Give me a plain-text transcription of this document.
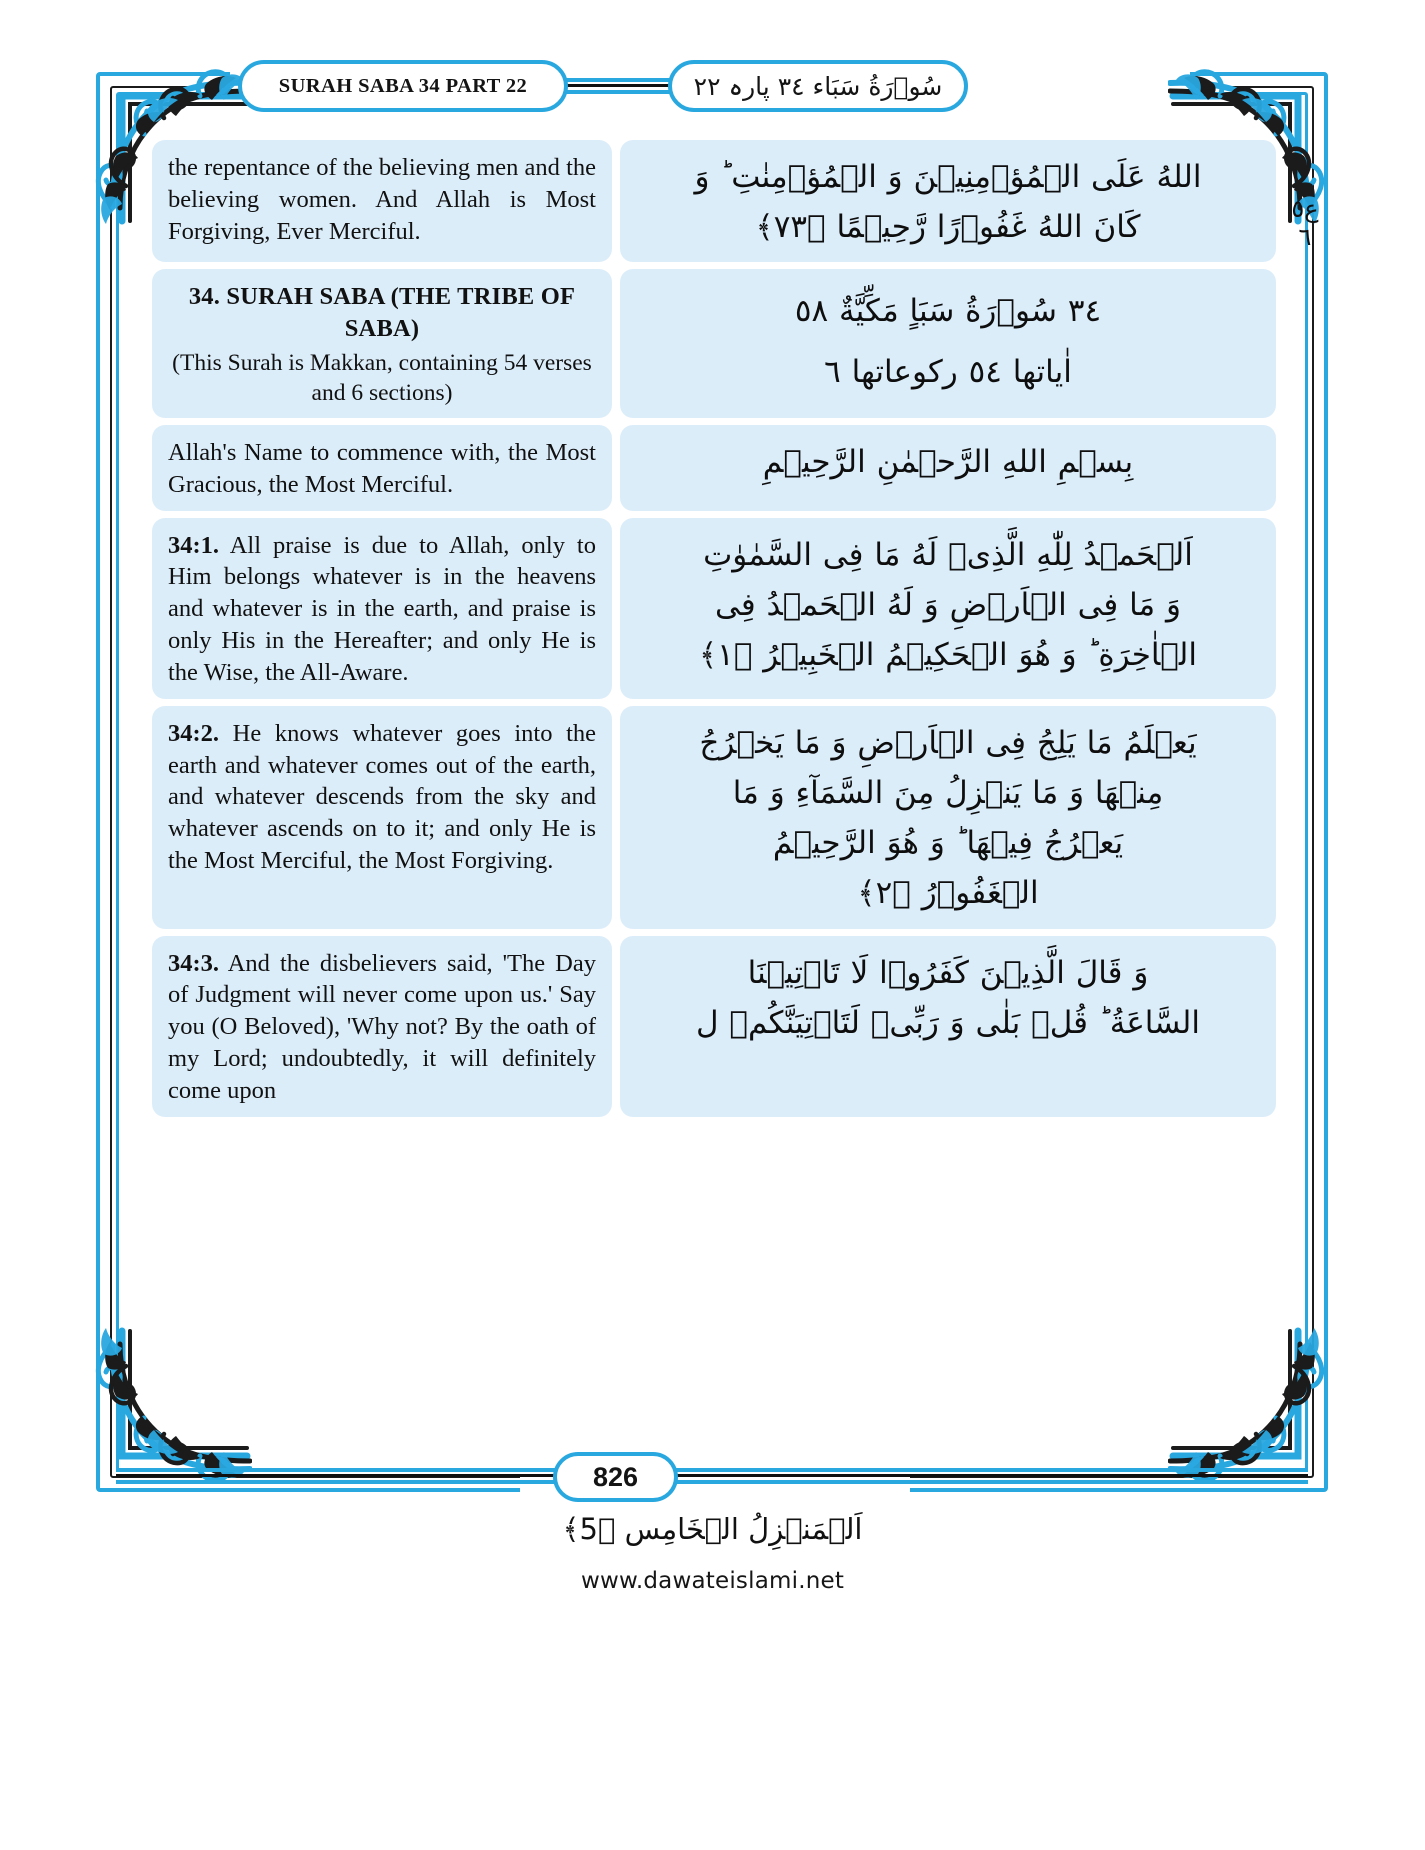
SURAH SABA 34 PART 22	سُوۡرَةُ سَبَاء ٣٤ پارہ ٢٢
ع٥
٦
the repentance of the believing men and the believing women. And Allah is Most Forgiving, Ever Merciful.
اللهُ عَلَى الۡمُؤۡمِنِیۡنَ وَ الۡمُؤۡمِنٰتِ ؕ وَ
كَانَ اللهُ غَفُوۡرًا رَّحِیۡمًا ﴿۷۳﴾
34. SURAH SABA (THE TRIBE OF SABA)
(This Surah is Makkan, containing 54 verses and 6 sections)
٣٤ سُوۡرَةُ سَبَاٍ مَكِّیَّةٌ ٥٨
اٰیاتها ٥٤ رکوعاتها ٦
Allah's Name to commence with, the Most Gracious, the Most Merciful.
بِسۡمِ اللهِ الرَّحۡمٰنِ الرَّحِیۡمِ
34:1. All praise is due to Allah, only to Him belongs whatever is in the heavens and whatever is in the earth, and praise is only His in the Hereafter; and only He is the Wise, the All-Aware.
اَلۡحَمۡدُ لِلّٰهِ الَّذِیۡ لَهُ مَا فِی السَّمٰوٰتِ
وَ مَا فِی الۡاَرۡضِ وَ لَهُ الۡحَمۡدُ فِی
الۡاٰخِرَةِ ؕ وَ هُوَ الۡحَكِیۡمُ الۡخَبِیۡرُ ﴿۱﴾
34:2. He knows whatever goes into the earth and whatever comes out of the earth, and whatever descends from the sky and whatever ascends on to it; and only He is the Most Merciful, the Most Forgiving.
یَعۡلَمُ مَا یَلِجُ فِی الۡاَرۡضِ وَ مَا یَخۡرُجُ
مِنۡهَا وَ مَا یَنۡزِلُ مِنَ السَّمَآءِ وَ مَا
یَعۡرُجُ فِیۡهَا ؕ وَ هُوَ الرَّحِیۡمُ
الۡغَفُوۡرُ ﴿۲﴾
34:3. And the disbelievers said, 'The Day of Judgment will never come upon us.' Say you (O Beloved), 'Why not? By the oath of my Lord; undoubtedly, it will definitely come upon
وَ قَالَ الَّذِیۡنَ كَفَرُوۡا لَا تَاۡتِیۡنَا
السَّاعَةُ ؕ قُلۡ بَلٰی وَ رَبِّیۡ لَتَاۡتِیَنَّكُمۡ ل
826
اَلۡمَنۡزِلُ الۡخَامِس ﴿5﴾
www.dawateislami.net
